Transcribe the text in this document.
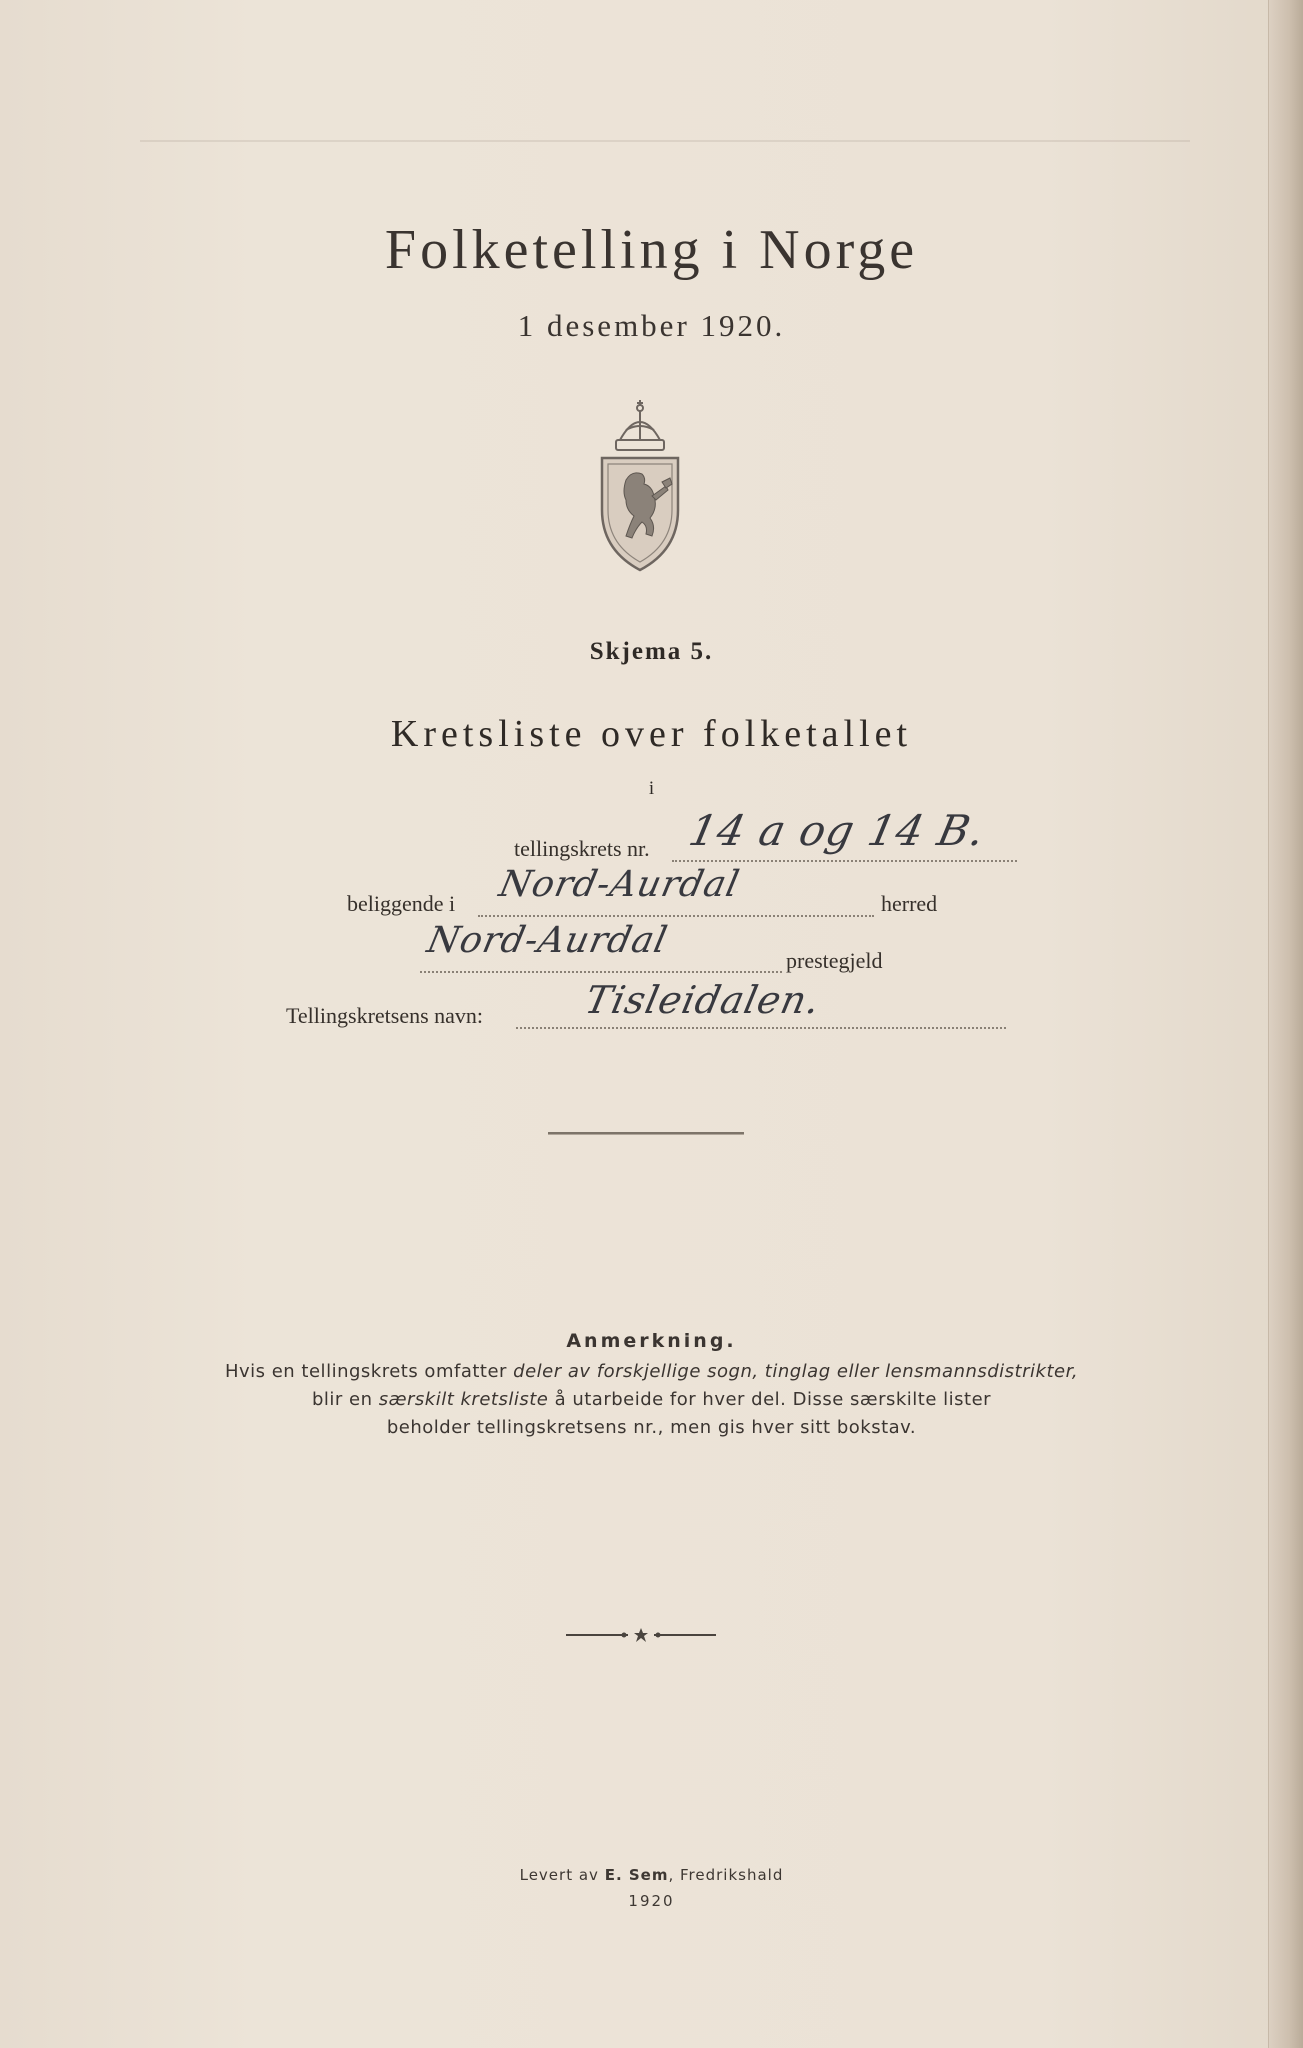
Folketelling i Norge
1 desember 1920.
Skjema 5.
Kretsliste over folketallet
i
tellingskrets nr. 14 a og 14 B.
beliggende i Nord-Aurdal	herred
Nord-Aurdal	prestegjeld
Tellingskretsens navn:	Tisleidalen.
Anmerkning.
Hvis en tellingskrets omfatter deler av forskjellige sogn, tinglag eller lensmannsdistrikter,
blir en særskilt kretsliste å utarbeide for hver del. Disse særskilte lister
beholder tellingskretsens nr., men gis hver sitt bokstav.
Levert av E. Sem, Fredrikshald
1920
